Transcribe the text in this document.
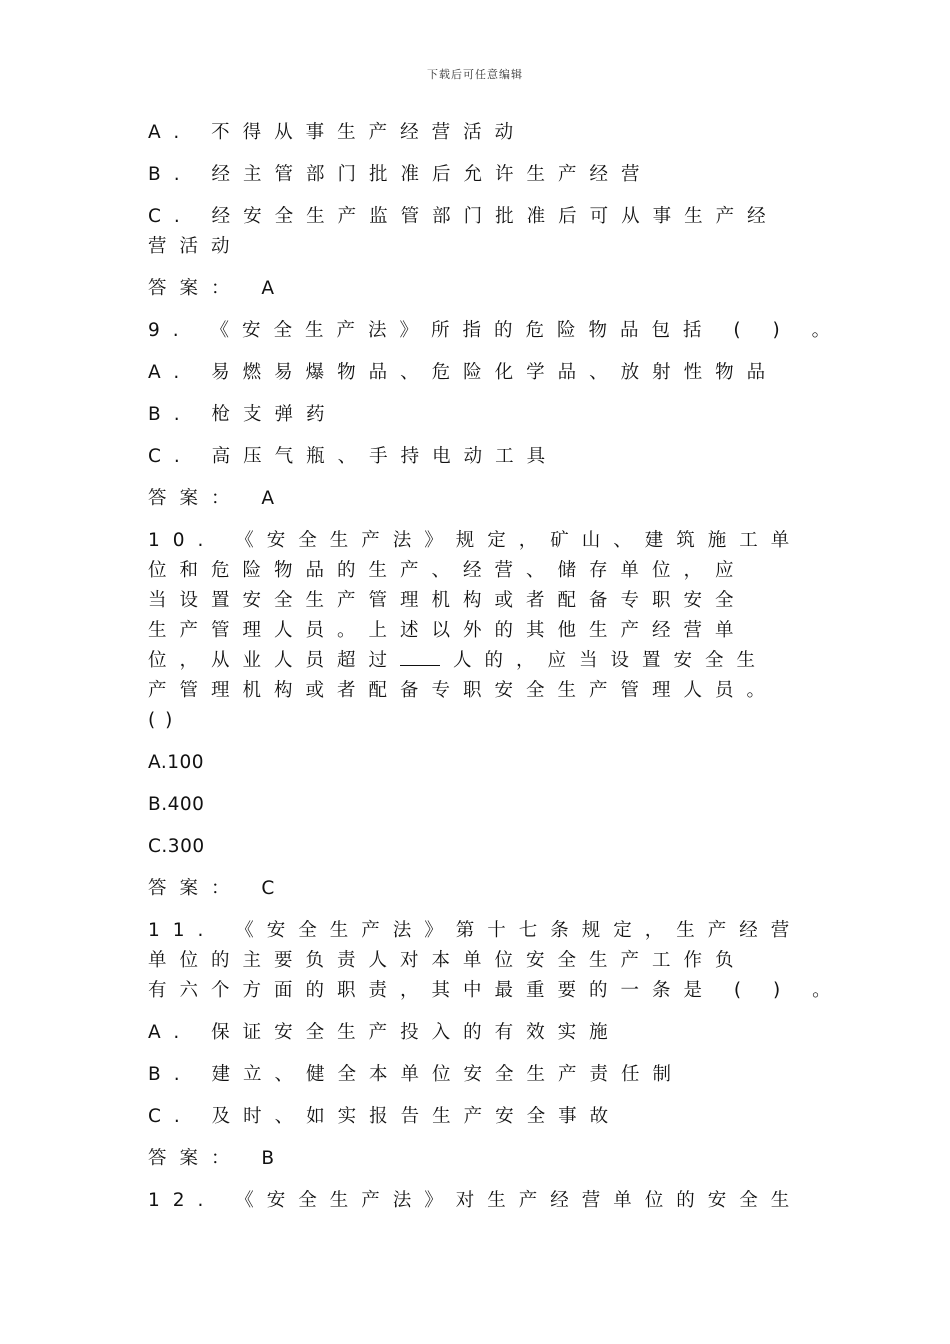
下载后可任意编辑
A. 不得从事生产经营活动
B. 经主管部门批准后允许生产经营
C. 经安全生产监管部门批准后可从事生产经
营活动
答案： A
9. 《安全生产法》所指的危险物品包括 ( ) 。
A. 易燃易爆物品、危险化学品、放射性物品
B. 枪支弹药
C. 高压气瓶、手持电动工具
答案： A
10. 《安全生产法》规定，矿山、建筑施工单
位和危险物品的生产、经营、储存单位，应
当设置安全生产管理机构或者配备专职安全
生产管理人员。上述以外的其他生产经营单
位，从业人员超过	人的，应当设置安全生
产管理机构或者配备专职安全生产管理人员。
( )
A.100
B.400
C.300
答案： C
11. 《安全生产法》第十七条规定，生产经营
单位的主要负责人对本单位安全生产工作负
有六个方面的职责，其中最重要的一条是 ( ) 。
A. 保证安全生产投入的有效实施
B. 建立、健全本单位安全生产责任制
C. 及时、如实报告生产安全事故
答案： B
12. 《安全生产法》对生产经营单位的安全生
